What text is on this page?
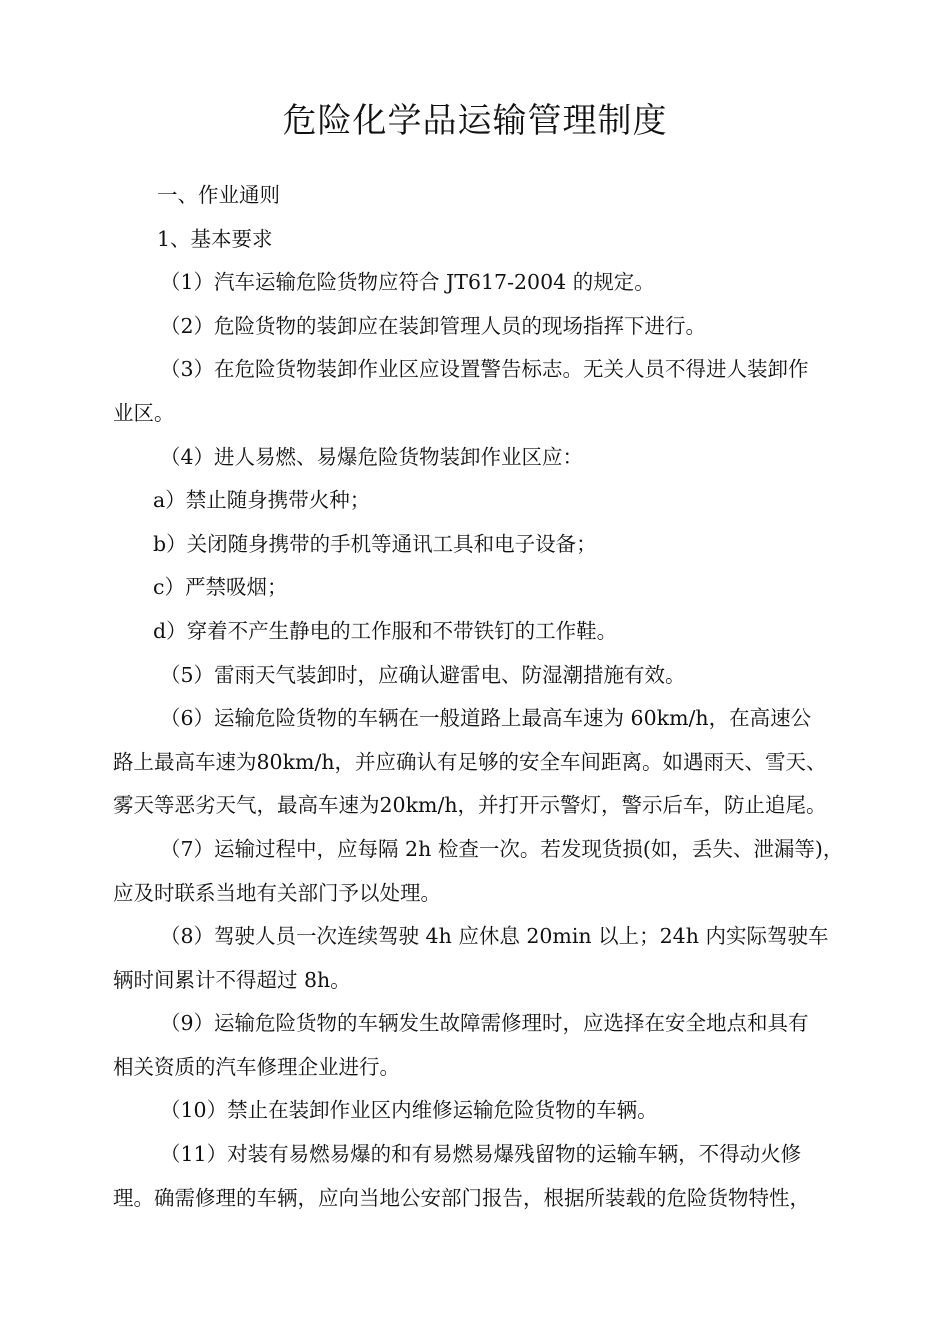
危险化学品运输管理制度
一、作业通则
1、基本要求
（1）汽车运输危险货物应符合 JT617-2004 的规定。
（2）危险货物的装卸应在装卸管理人员的现场指挥下进行。
（3）在危险货物装卸作业区应设置警告标志。无关人员不得进人装卸作
业区。
（4）进人易燃、易爆危险货物装卸作业区应：
a）禁止随身携带火种；
b）关闭随身携带的手机等通讯工具和电子设备；
c）严禁吸烟；
d）穿着不产生静电的工作服和不带铁钉的工作鞋。
（5）雷雨天气装卸时，应确认避雷电、防湿潮措施有效。
（6）运输危险货物的车辆在一般道路上最高车速为 60km/h，在高速公
路上最高车速为80km/h，并应确认有足够的安全车间距离。如遇雨天、雪天、
雾天等恶劣天气，最高车速为20km/h，并打开示警灯，警示后车，防止追尾。
（7）运输过程中，应每隔 2h 检查一次。若发现货损(如，丢失、泄漏等)，
应及时联系当地有关部门予以处理。
（8）驾驶人员一次连续驾驶 4h 应休息 20min 以上；24h 内实际驾驶车
辆时间累计不得超过 8h。
（9）运输危险货物的车辆发生故障需修理时，应选择在安全地点和具有
相关资质的汽车修理企业进行。
（10）禁止在装卸作业区内维修运输危险货物的车辆。
（11）对装有易燃易爆的和有易燃易爆残留物的运输车辆，不得动火修
理。确需修理的车辆，应向当地公安部门报告，根据所装载的危险货物特性，
